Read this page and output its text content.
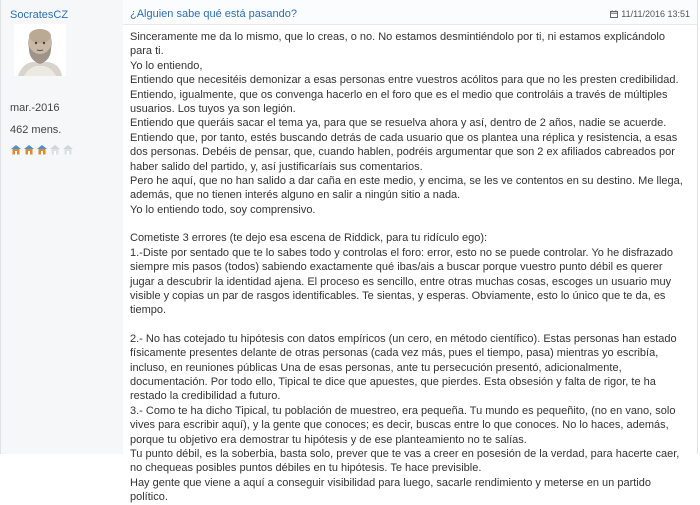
SocratesCZ
mar.-2016
462 mens.
¿Alguien sabe qué está pasando?	11/11/2016 13:51

Sinceramente me da lo mismo, que lo creas, o no. No estamos desmintiéndolo por ti, ni estamos explicándolo para ti.

Yo lo entiendo,

Entiendo que necesitéis demonizar a esas personas entre vuestros acólitos para que no les presten credibilidad. Entiendo, igualmente, que os convenga hacerlo en el foro que es el medio que controláis a través de múltiples usuarios. Los tuyos ya son legión.

Entiendo que queráis sacar el tema ya, para que se resuelva ahora y así, dentro de 2 años, nadie se acuerde. Entiendo que, por tanto, estés buscando detrás de cada usuario que os plantea una réplica y resistencia, a esas dos personas. Debéis de pensar, que, cuando hablen, podréis argumentar que son 2 ex afiliados cabreados por haber salido del partido, y, así justificaríais sus comentarios.

Pero he aquí, que no han salido a dar caña en este medio, y encima, se les ve contentos en su destino. Me llega, además, que no tienen interés alguno en salir a ningún sitio a nada.

Yo lo entiendo todo, soy comprensivo.

Cometiste 3 errores (te dejo esa escena de Riddick, para tu ridículo ego):

1.-Diste por sentado que te lo sabes todo y controlas el foro: error, esto no se puede controlar. Yo he disfrazado siempre mis pasos (todos) sabiendo exactamente qué ibas/ais a buscar porque vuestro punto débil es querer jugar a descubrir la identidad ajena. El proceso es sencillo, entre otras muchas cosas, escoges un usuario muy visible y copias un par de rasgos identificables. Te sientas, y esperas. Obviamente, esto lo único que te da, es tiempo.

2.- No has cotejado tu hipótesis con datos empíricos (un cero, en método científico). Estas personas han estado físicamente presentes delante de otras personas (cada vez más, pues el tiempo, pasa) mientras yo escribía, incluso, en reuniones públicas Una de esas personas, ante tu persecución presentó, adicionalmente, documentación. Por todo ello, Tipical te dice que apuestes, que pierdes. Esta obsesión y falta de rigor, te ha restado la credibilidad a futuro.

3.- Como te ha dicho Tipical, tu población de muestreo, era pequeña. Tu mundo es pequeñito, (no en vano, solo vives para escribir aquí), y la gente que conoces; es decir, buscas entre lo que conoces. No lo haces, además, porque tu objetivo era demostrar tu hipótesis y de ese planteamiento no te salías.

Tu punto débil, es la soberbia, basta solo, prever que te vas a creer en posesión de la verdad, para hacerte caer, no chequeas posibles puntos débiles en tu hipótesis. Te hace previsible.

Hay gente que viene a aquí a conseguir visibilidad para luego, sacarle rendimiento y meterse en un partido político.
